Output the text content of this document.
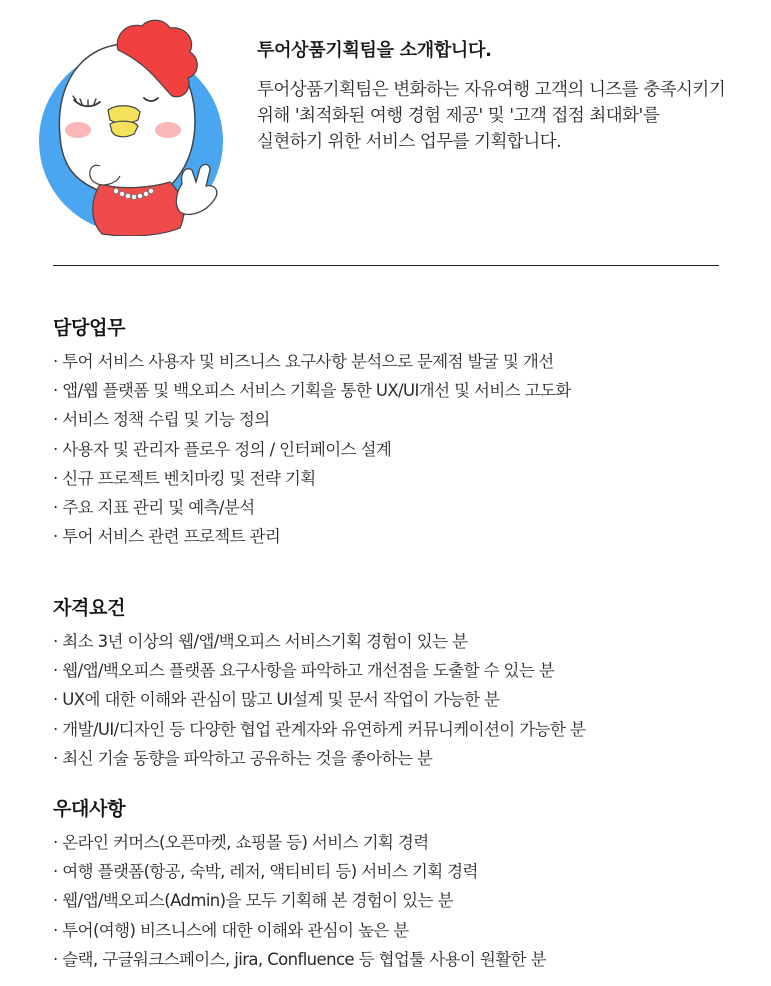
투어상품기획팀을 소개합니다.

투어상품기획팀은 변화하는 자유여행 고객의 니즈를 충족시키기 위해 '최적화된 여행 경험 제공' 및 '고객 접점 최대화'를 실현하기 위한 서비스 업무를 기획합니다.

담당업무
· 투어 서비스 사용자 및 비즈니스 요구사항 분석으로 문제점 발굴 및 개선
· 앱/웹 플랫폼 및 백오피스 서비스 기획을 통한 UX/UI개선 및 서비스 고도화
· 서비스 정책 수립 및 기능 정의
· 사용자 및 관리자 플로우 정의 / 인터페이스 설계
· 신규 프로젝트 벤치마킹 및 전략 기획
· 주요 지표 관리 및 예측/분석
· 투어 서비스 관련 프로젝트 관리
자격요건
· 최소 3년 이상의 웹/앱/백오피스 서비스기획 경험이 있는 분
· 웹/앱/백오피스 플랫폼 요구사항을 파악하고 개선점을 도출할 수 있는 분
· UX에 대한 이해와 관심이 많고 UI설계 및 문서 작업이 가능한 분
· 개발/UI/디자인 등 다양한 협업 관계자와 유연하게 커뮤니케이션이 가능한 분
· 최신 기술 동향을 파악하고 공유하는 것을 좋아하는 분
우대사항
· 온라인 커머스(오픈마켓, 쇼핑몰 등) 서비스 기획 경력
· 여행 플랫폼(항공, 숙박, 레저, 액티비티 등) 서비스 기획 경력
· 웹/앱/백오피스(Admin)을 모두 기획해 본 경험이 있는 분
· 투어(여행) 비즈니스에 대한 이해와 관심이 높은 분
· 슬랙, 구글워크스페이스, jira, Confluence 등 협업툴 사용이 원활한 분
